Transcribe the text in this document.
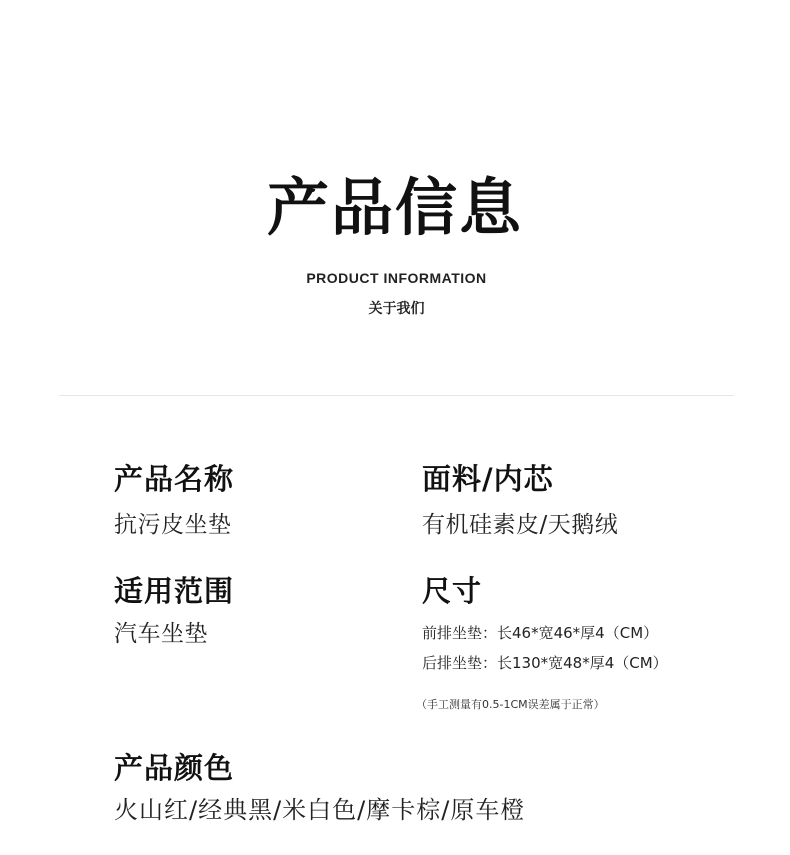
产品信息
PRODUCT INFORMATION
关于我们
产品名称
抗污皮坐垫
面料/内芯
有机硅素皮/天鹅绒
适用范围
汽车坐垫
尺寸
前排坐垫：长46*宽46*厚4（CM）
后排坐垫：长130*宽48*厚4（CM）
（手工测量有0.5-1CM误差属于正常）
产品颜色
火山红/经典黑/米白色/摩卡棕/原车橙
